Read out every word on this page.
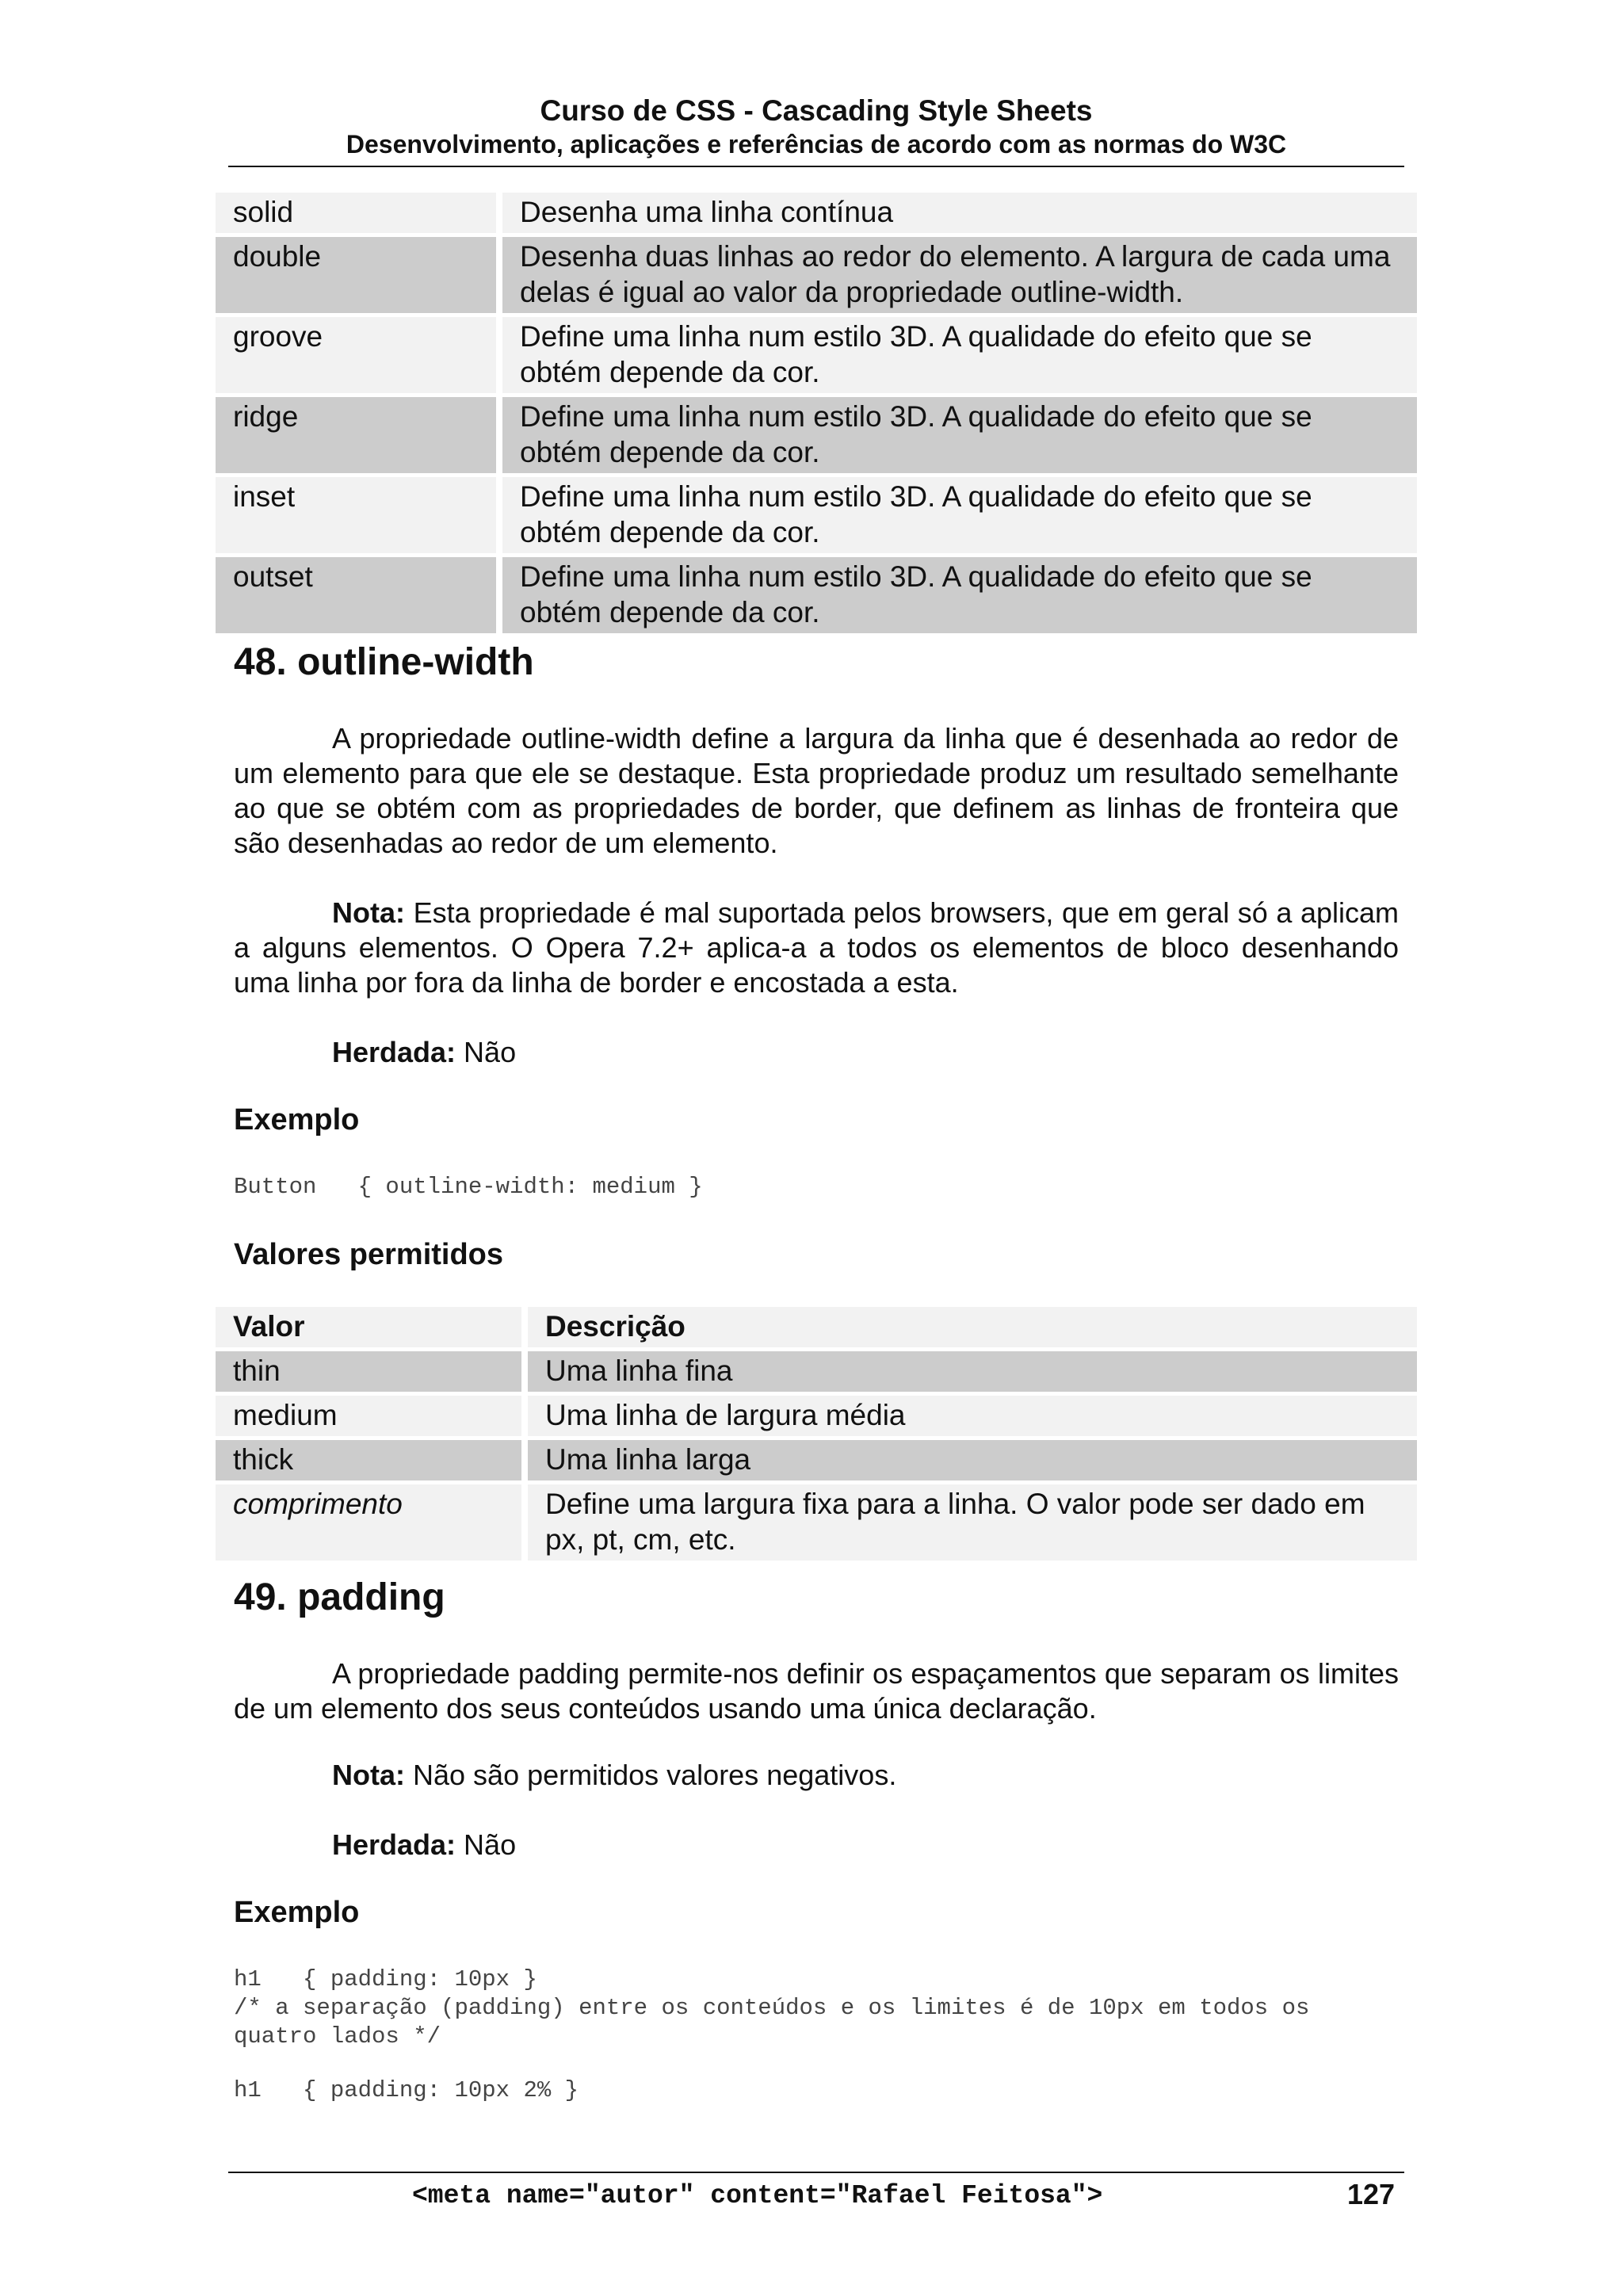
Curso de CSS - Cascading Style Sheets
Desenvolvimento, aplicações e referências de acordo com as normas do W3C
solid	Desenha uma linha contínua
double	Desenha duas linhas ao redor do elemento. A largura de cada uma delas é igual ao valor da propriedade outline-width.
groove	Define uma linha num estilo 3D. A qualidade do efeito que se obtém depende da cor.
ridge	Define uma linha num estilo 3D. A qualidade do efeito que se obtém depende da cor.
inset	Define uma linha num estilo 3D. A qualidade do efeito que se obtém depende da cor.
outset	Define uma linha num estilo 3D. A qualidade do efeito que se obtém depende da cor.
48. outline-width
A propriedade outline-width define a largura da linha que é desenhada ao redor de um elemento para que ele se destaque. Esta propriedade produz um resultado semelhante ao que se obtém com as propriedades de border, que definem as linhas de fronteira que são desenhadas ao redor de um elemento.
Nota: Esta propriedade é mal suportada pelos browsers, que em geral só a aplicam a alguns elementos. O Opera 7.2+ aplica-a a todos os elementos de bloco desenhando uma linha por fora da linha de border e encostada a esta.
Herdada: Não
Exemplo
Button   { outline-width: medium }
Valores permitidos
Valor	Descrição
thin	Uma linha fina
medium	Uma linha de largura média
thick	Uma linha larga
comprimento	Define uma largura fixa para a linha. O valor pode ser dado em px, pt, cm, etc.
49. padding
A propriedade padding permite-nos definir os espaçamentos que separam os limites de um elemento dos seus conteúdos usando uma única declaração.
Nota: Não são permitidos valores negativos.
Herdada: Não
Exemplo
h1   { padding: 10px }
/* a separação (padding) entre os conteúdos e os limites é de 10px em todos os
quatro lados */
h1   { padding: 10px 2% }
<meta name="autor" content="Rafael Feitosa">	127
